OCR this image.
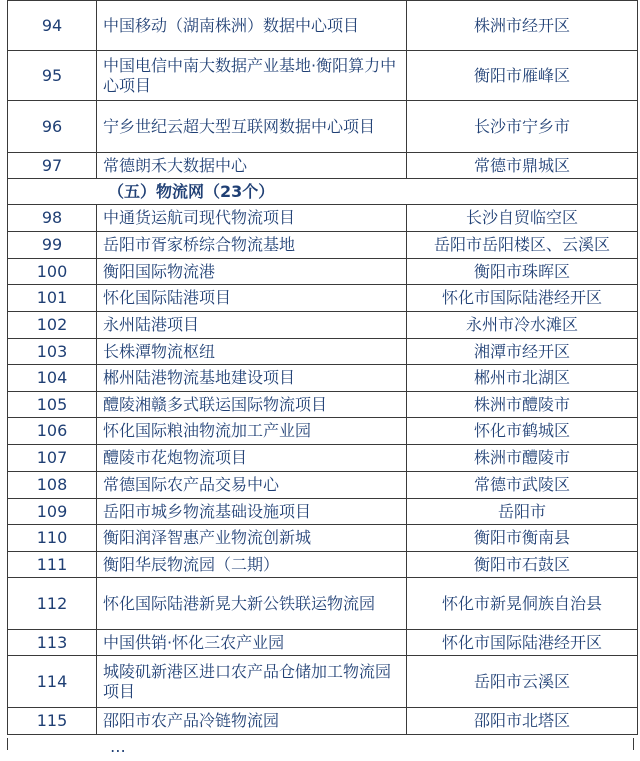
94	中国移动（湖南株洲）数据中心项目	株洲市经开区
95	中国电信中南大数据产业基地·衡阳算力中心项目	衡阳市雁峰区
96	宁乡世纪云超大型互联网数据中心项目	长沙市宁乡市
97	常德朗禾大数据中心	常德市鼎城区
（五）物流网（23个）		
98	中通货运航司现代物流项目	长沙自贸临空区
99	岳阳市胥家桥综合物流基地	岳阳市岳阳楼区、云溪区
100	衡阳国际物流港	衡阳市珠晖区
101	怀化国际陆港项目	怀化市国际陆港经开区
102	永州陆港项目	永州市冷水滩区
103	长株潭物流枢纽	湘潭市经开区
104	郴州陆港物流基地建设项目	郴州市北湖区
105	醴陵湘赣多式联运国际物流项目	株洲市醴陵市
106	怀化国际粮油物流加工产业园	怀化市鹤城区
107	醴陵市花炮物流项目	株洲市醴陵市
108	常德国际农产品交易中心	常德市武陵区
109	岳阳市城乡物流基础设施项目	岳阳市
110	衡阳润泽智惠产业物流创新城	衡阳市衡南县
111	衡阳华辰物流园（二期）	衡阳市石鼓区
112	怀化国际陆港新晃大新公铁联运物流园	怀化市新晃侗族自治县
113	中国供销·怀化三农产业园	怀化市国际陆港经开区
114	城陵矶新港区进口农产品仓储加工物流园项目	岳阳市云溪区
115	邵阳市农产品冷链物流园	邵阳市北塔区
⋯
